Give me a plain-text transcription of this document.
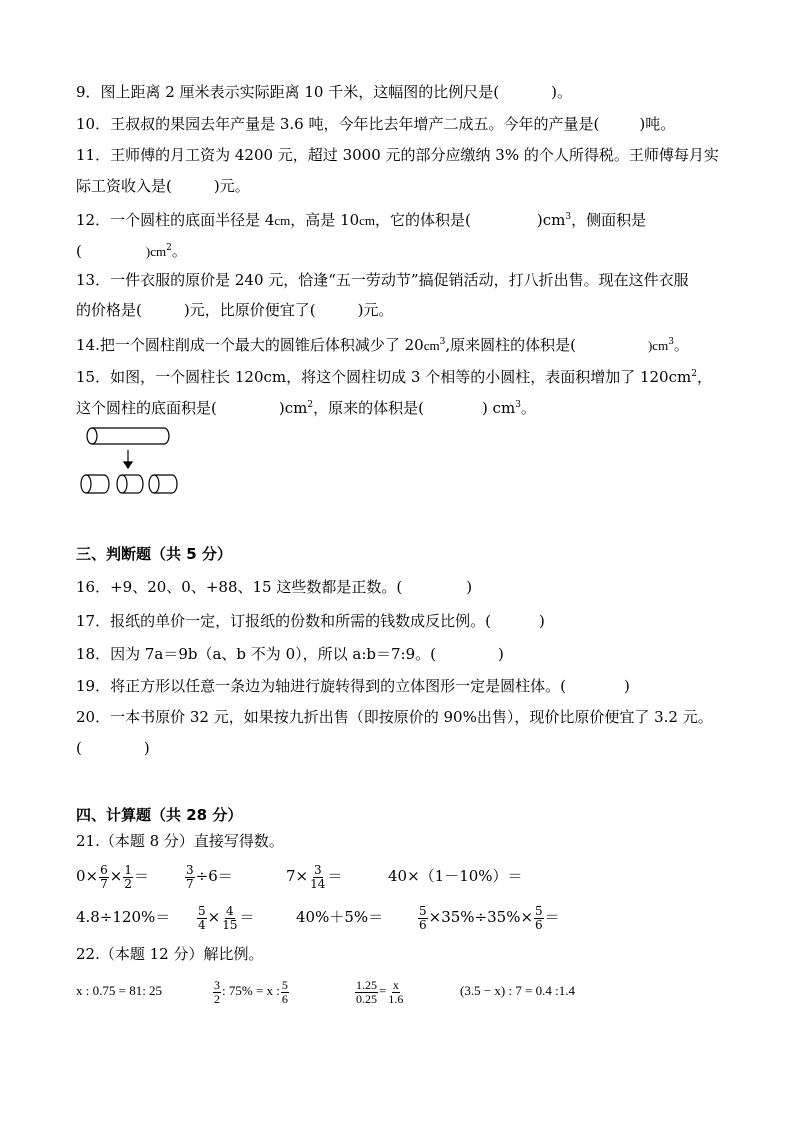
9．图上距离 2 厘米表示实际距离 10 千米，这幅图的比例尺是(	)。
10．王叔叔的果园去年产量是 3.6 吨，今年比去年增产二成五。今年的产量是(	)吨。
11．王师傅的月工资为 4200 元，超过 3000 元的部分应缴纳 3% 的个人所得税。王师傅每月实
际工资收入是(	)元。
12．一个圆柱的底面半径是 4cm，高是 10cm，它的体积是(	)$cm^3$，侧面积是
(	)$cm^2$。
13．一件衣服的原价是 240 元，恰逢“五一劳动节”搞促销活动，打八折出售。现在这件衣服
的价格是(	)元，比原价便宜了(	)元。
14.把一个圆柱削成一个最大的圆锥后体积减少了 $20cm^3$,原来圆柱的体积是(	)$cm^3$。
15．如图，一个圆柱长 120cm，将这个圆柱切成 3 个相等的小圆柱，表面积增加了 $120cm^2$，
这个圆柱的底面积是(	)$cm^2$，原来的体积是(	) $cm^3$。
三、判断题（共 5 分）
16．+9、20、0、+88、15 这些数都是正数。(	)
17．报纸的单价一定，订报纸的份数和所需的钱数成反比例。(	)
18．因为 7a＝9b（a、b 不为 0），所以 a:b＝7:9。(	)
19．将正方形以任意一条边为轴进行旋转得到的立体图形一定是圆柱体。(	)
20．一本书原价 32 元，如果按九折出售（即按原价的 90%出售），现价比原价便宜了 3.2 元。
(	)
四、计算题（共 28 分）
21.（本题 8 分）直接写得数。
$0\times \frac{6}{7} \times \frac{1}{2}$ ＝	$\frac{3}{7} \div 6=$	$7\times \frac{3}{14}$ ＝	40×（1－10%）＝
$4.8\div 120\%= \frac{5}{4} \times \frac{4}{15}$ ＝	40%＋5%＝	$\frac{5}{6} \times 35\%\div 35\%\times \frac{5}{6}$ ＝
22.（本题 12 分）解比例。
x : 0.75 = 81: 25	$\frac{3}{2}$ : 75% = x : $\frac{5}{6}$	$\frac{1.25}{0.25} = \frac{x}{1.6}$	(3.5 − x) : 7 = 0.4 :1.4
